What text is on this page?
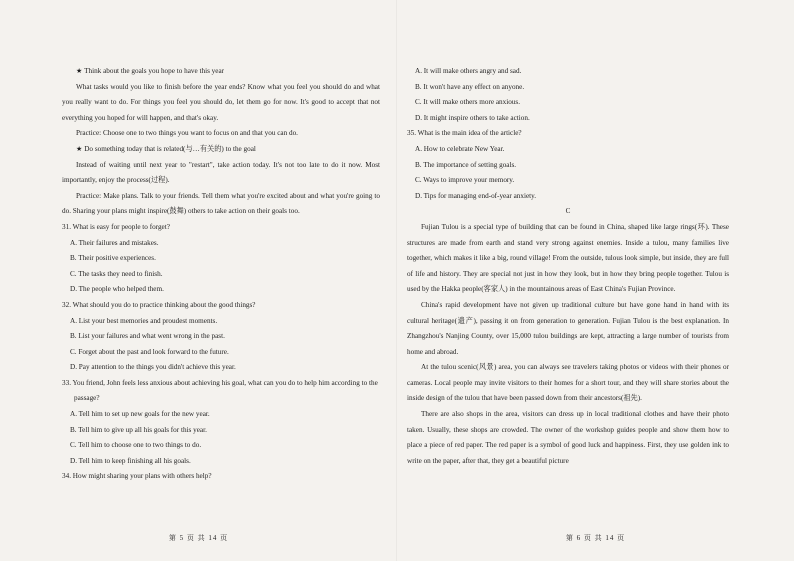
★ Think about the goals you hope to have this year

What tasks would you like to finish before the year ends? Know what you feel you should do and what you really want to do. For things you feel you should do, let them go for now. It's good to accept that not everything you hoped for will happen, and that's okay.

Practice: Choose one to two things you want to focus on and that you can do.

★ Do something today that is related(与…有关的) to the goal

Instead of waiting until next year to "restart", take action today. It's not too late to do it now. Most importantly, enjoy the process(过程).

Practice: Make plans. Talk to your friends. Tell them what you're excited about and what you're going to do. Sharing your plans might inspire(鼓舞) others to take action on their goals too.

31. What is easy for people to forget?

A. Their failures and mistakes.

B. Their positive experiences.

C. The tasks they need to finish.

D. The people who helped them.

32. What should you do to practice thinking about the good things?

A. List your best memories and proudest moments.

B. List your failures and what went wrong in the past.

C. Forget about the past and look forward to the future.

D. Pay attention to the things you didn't achieve this year.

33. You friend, John feels less anxious about achieving his goal, what can you do to help him according to the passage?

A. Tell him to set up new goals for the new year.

B. Tell him to give up all his goals for this year.

C. Tell him to choose one to two things to do.

D. Tell him to keep finishing all his goals.

34. How might sharing your plans with others help?

第 5 页 共 14 页

A. It will make others angry and sad.

B. It won't have any effect on anyone.

C. It will make others more anxious.

D. It might inspire others to take action.

35. What is the main idea of the article?

A. How to celebrate New Year.

B. The importance of setting goals.

C. Ways to improve your memory.

D. Tips for managing end-of-year anxiety.

C

Fujian Tulou is a special type of building that can be found in China, shaped like large rings(环). These structures are made from earth and stand very strong against enemies. Inside a tulou, many families live together, which makes it like a big, round village! From the outside, tulous look simple, but inside, they are full of life and history. They are special not just in how they look, but in how they bring people together. Tulou is used by the Hakka people(客家人) in the mountainous areas of East China's Fujian Province.

China's rapid development have not given up traditional culture but have gone hand in hand with its cultural heritage(遗产), passing it on from generation to generation. Fujian Tulou is the best explanation. In Zhangzhou's Nanjing County, over 15,000 tulou buildings are kept, attracting a large number of tourists from home and abroad.

At the tulou scenic(风景) area, you can always see travelers taking photos or videos with their phones or cameras. Local people may invite visitors to their homes for a short tour, and they will share stories about the inside design of the tulou that have been passed down from their ancestors(祖先).

There are also shops in the area, visitors can dress up in local traditional clothes and have their photo taken. Usually, these shops are crowded. The owner of the workshop guides people and show them how to place a piece of red paper. The red paper is a symbol of good luck and happiness. First, they use golden ink to write on the paper, after that, they get a beautiful picture

第 6 页 共 14 页
